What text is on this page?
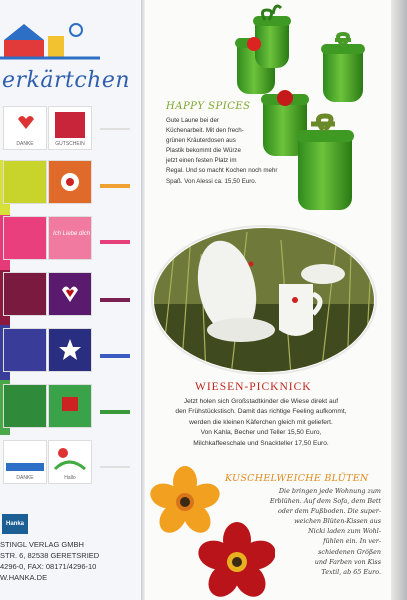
erkärtchen
DANKE	GUTSCHEIN
Ich Liebe dich
DANKE	Hallo
Hanka
STINGL VERLAG GMBH
STR. 6, 82538 GERETSRIED
4296-0, FAX: 08171/4296-10
W.HANKA.DE
HAPPY SPICES
Gute Laune bei der
Küchenarbeit. Mit den frech-
grünen Kräuterdosen aus
Plastik bekommt die Würze
jetzt einen festen Platz im
Regal. Und so macht Kochen noch mehr
Spaß. Von Alessi ca. 15,50 Euro.
WIESEN-PICKNICK
Jetzt holen sich Großstadtkinder die Wiese direkt auf
den Frühstückstisch. Damit das richtige Feeling aufkommt,
werden die kleinen Käferchen gleich mit geliefert.
Von Kahla, Becher und Teller 15,50 Euro,
Milchkaffeeschale und Snackteller 17,50 Euro.
KUSCHELWEICHE BLÜTEN
Die bringen jede Wohnung zum
Erblühen. Auf dem Sofa, dem Bett
oder dem Fußboden. Die super-
weichen Blüten-Kissen aus
Nicki laden zum Wohl-
fühlen ein. In ver-
schiedenen Größen
und Farben von Kiss
Textil, ab 65 Euro.
